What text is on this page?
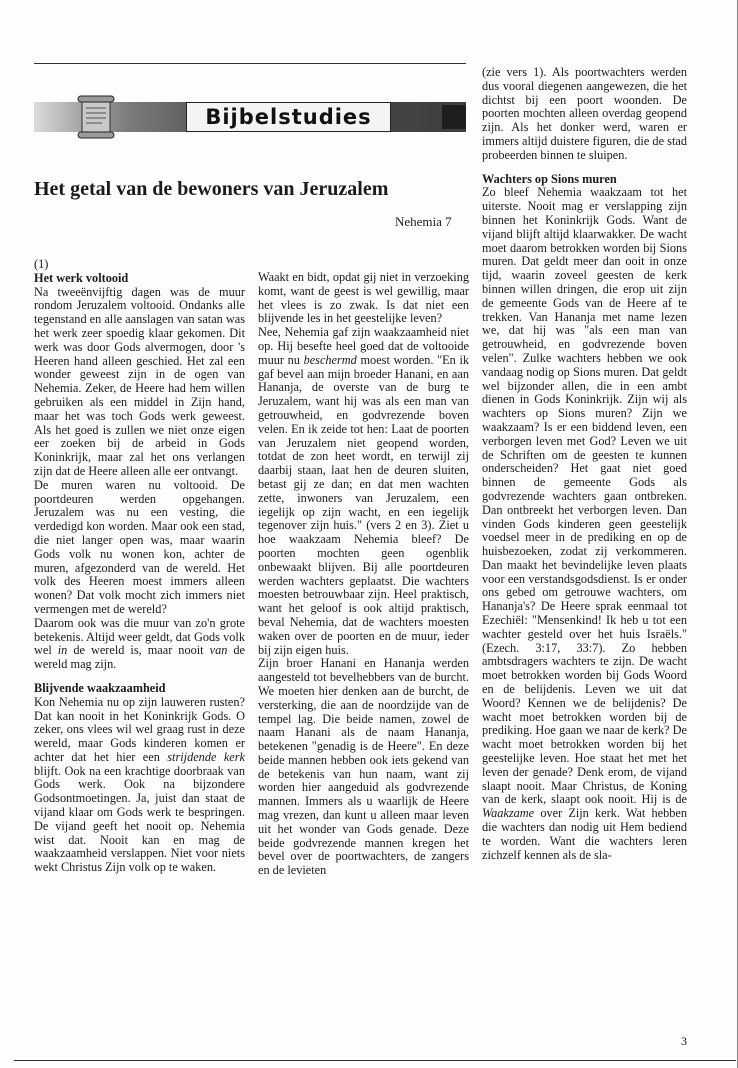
Bijbelstudies
Het getal van de bewoners van Jeruzalem
Nehemia 7

(1)

Het werk voltooid

Na tweeënvijftig dagen was de muur rondom Jeruzalem voltooid. Ondanks alle tegenstand en alle aanslagen van satan was het werk zeer spoedig klaar gekomen. Dit werk was door Gods alvermogen, door 's Heeren hand alleen geschied. Het zal een wonder geweest zijn in de ogen van Nehemia. Zeker, de Heere had hem willen gebruiken als een middel in Zijn hand, maar het was toch Gods werk geweest. Als het goed is zullen we niet onze eigen eer zoeken bij de arbeid in Gods Koninkrijk, maar zal het ons verlangen zijn dat de Heere alleen alle eer ontvangt.

De muren waren nu voltooid. De poortdeuren werden opgehangen. Jeruzalem was nu een vesting, die verdedigd kon worden. Maar ook een stad, die niet langer open was, maar waarin Gods volk nu wonen kon, achter de muren, afgezonderd van de wereld. Het volk des Heeren moest immers alleen wonen? Dat volk mocht zich immers niet vermengen met de wereld?

Daarom ook was die muur van zo'n grote betekenis. Altijd weer geldt, dat Gods volk wel in de wereld is, maar nooit van de wereld mag zijn.

Blijvende waakzaamheid

Kon Nehemia nu op zijn lauweren rusten? Dat kan nooit in het Koninkrijk Gods. O zeker, ons vlees wil wel graag rust in deze wereld, maar Gods kinderen komen er achter dat het hier een strijdende kerk blijft. Ook na een krachtige doorbraak van Gods werk. Ook na bijzondere Godsontmoetingen. Ja, juist dan staat de vijand klaar om Gods werk te bespringen. De vijand geeft het nooit op. Nehemia wist dat. Nooit kan en mag de waakzaamheid verslappen. Niet voor niets wekt Christus Zijn volk op te waken.

Waakt en bidt, opdat gij niet in verzoeking komt, want de geest is wel gewillig, maar het vlees is zo zwak. Is dat niet een blijvende les in het geestelijke leven?

Nee, Nehemia gaf zijn waakzaamheid niet op. Hij besefte heel goed dat de voltooide muur nu beschermd moest worden. "En ik gaf bevel aan mijn broeder Hanani, en aan Hananja, de overste van de burg te Jeruzalem, want hij was als een man van getrouwheid, en godvrezende boven velen. En ik zeide tot hen: Laat de poorten van Jeruzalem niet geopend worden, totdat de zon heet wordt, en terwijl zij daarbij staan, laat hen de deuren sluiten, betast gij ze dan; en dat men wachten zette, inwoners van Jeruzalem, een iegelijk op zijn wacht, en een iegelijk tegenover zijn huis." (vers 2 en 3). Ziet u hoe waakzaam Nehemia bleef? De poorten mochten geen ogenblik onbewaakt blijven. Bij alle poortdeuren werden wachters geplaatst. Die wachters moesten betrouwbaar zijn. Heel praktisch, want het geloof is ook altijd praktisch, beval Nehemia, dat de wachters moesten waken over de poorten en de muur, ieder bij zijn eigen huis.

Zijn broer Hanani en Hananja werden aangesteld tot bevelhebbers van de burcht. We moeten hier denken aan de burcht, de versterking, die aan de noordzijde van de tempel lag. Die beide namen, zowel de naam Hanani als de naam Hananja, betekenen "genadig is de Heere". En deze beide mannen hebben ook iets gekend van de betekenis van hun naam, want zij worden hier aangeduid als godvrezende mannen. Immers als u waarlijk de Heere mag vrezen, dan kunt u alleen maar leven uit het wonder van Gods genade. Deze beide godvrezende mannen kregen het bevel over de poortwachters, de zangers en de levieten

(zie vers 1). Als poortwachters werden dus vooral diegenen aangewezen, die het dichtst bij een poort woonden. De poorten mochten alleen overdag geopend zijn. Als het donker werd, waren er immers altijd duistere figuren, die de stad probeerden binnen te sluipen.

Wachters op Sions muren

Zo bleef Nehemia waakzaam tot het uiterste. Nooit mag er verslapping zijn binnen het Koninkrijk Gods. Want de vijand blijft altijd klaarwakker. De wacht moet daarom betrokken worden bij Sions muren. Dat geldt meer dan ooit in onze tijd, waarin zoveel geesten de kerk binnen willen dringen, die erop uit zijn de gemeente Gods van de Heere af te trekken. Van Hananja met name lezen we, dat hij was "als een man van getrouwheid, en godvrezende boven velen". Zulke wachters hebben we ook vandaag nodig op Sions muren. Dat geldt wel bijzonder allen, die in een ambt dienen in Gods Koninkrijk. Zijn wij als wachters op Sions muren? Zijn we waakzaam? Is er een biddend leven, een verborgen leven met God? Leven we uit de Schriften om de geesten te kunnen onderscheiden? Het gaat niet goed binnen de gemeente Gods als godvrezende wachters gaan ontbreken. Dan ontbreekt het verborgen leven. Dan vinden Gods kinderen geen geestelijk voedsel meer in de prediking en op de huisbezoeken, zodat zij verkommeren. Dan maakt het bevindelijke leven plaats voor een verstandsgodsdienst. Is er onder ons gebed om getrouwe wachters, om Hananja's? De Heere sprak eenmaal tot Ezechiël: "Mensenkind! Ik heb u tot een wachter gesteld over het huis Israëls." (Ezech. 3:17, 33:7). Zo hebben ambtsdragers wachters te zijn. De wacht moet betrokken worden bij Gods Woord en de belijdenis. Leven we uit dat Woord? Kennen we de belijdenis? De wacht moet betrokken worden bij de prediking. Hoe gaan we naar de kerk? De wacht moet betrokken worden bij het geestelijke leven. Hoe staat het met het leven der genade? Denk erom, de vijand slaapt nooit. Maar Christus, de Koning van de kerk, slaapt ook nooit. Hij is de Waakzame over Zijn kerk. Wat hebben die wachters dan nodig uit Hem bediend te worden. Want die wachters leren zichzelf kennen als de sla-

3
